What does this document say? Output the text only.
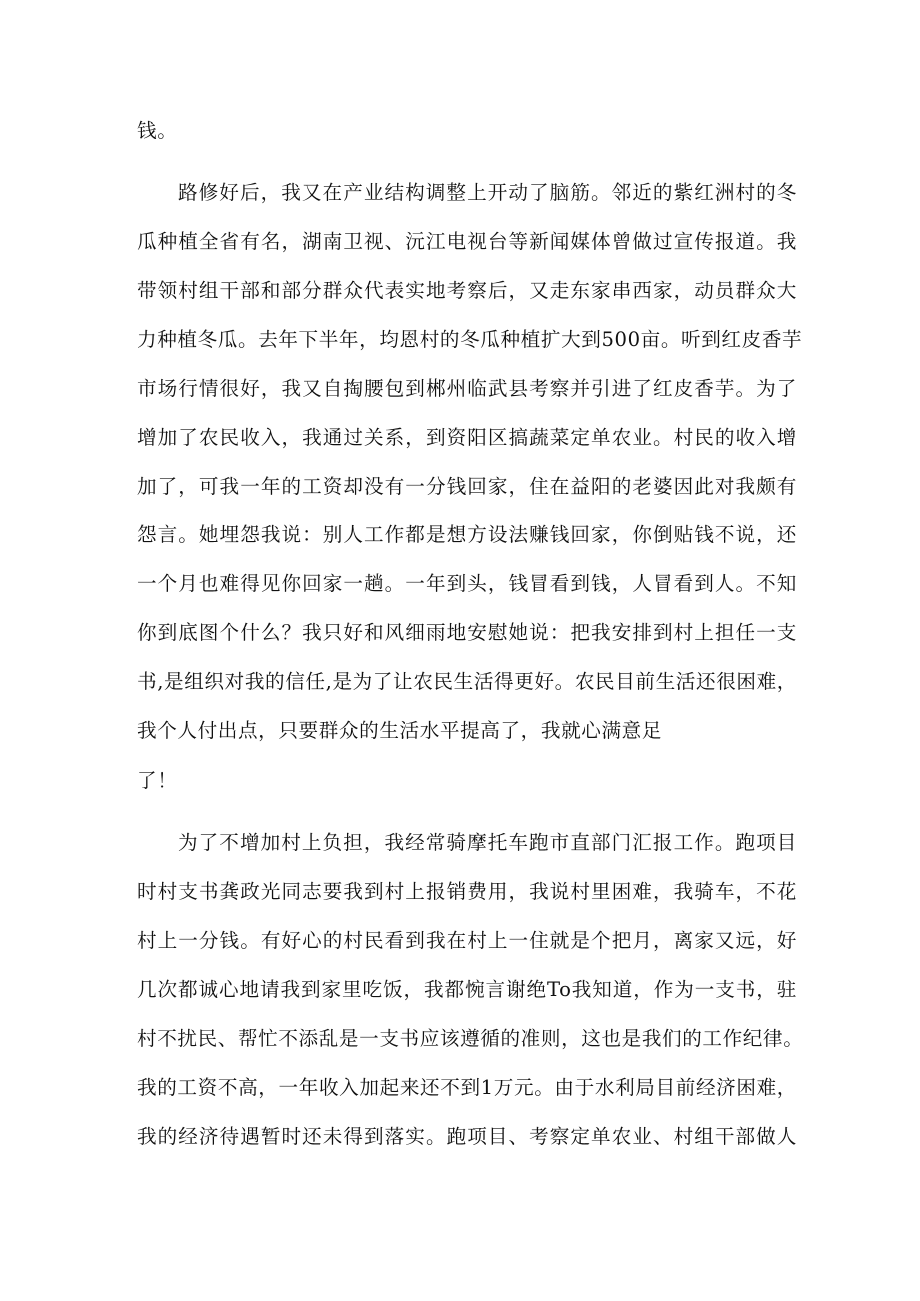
钱。
路修好后，我又在产业结构调整上开动了脑筋。邻近的紫红洲村的冬
瓜种植全省有名，湖南卫视、沅江电视台等新闻媒体曾做过宣传报道。我
带领村组干部和部分群众代表实地考察后，又走东家串西家，动员群众大
力种植冬瓜。去年下半年，均恩村的冬瓜种植扩大到500亩。听到红皮香芋
市场行情很好，我又自掏腰包到郴州临武县考察并引进了红皮香芋。为了
增加了农民收入，我通过关系，到资阳区搞蔬菜定单农业。村民的收入增
加了，可我一年的工资却没有一分钱回家，住在益阳的老婆因此对我颇有
怨言。她埋怨我说：别人工作都是想方设法赚钱回家，你倒贴钱不说，还
一个月也难得见你回家一趟。一年到头，钱冒看到钱，人冒看到人。不知
你到底图个什么？我只好和风细雨地安慰她说：把我安排到村上担任一支
书,是组织对我的信任,是为了让农民生活得更好。农民目前生活还很困难，
我个人付出点，只要群众的生活水平提高了，我就心满意足
了！
为了不增加村上负担，我经常骑摩托车跑市直部门汇报工作。跑项目
时村支书龚政光同志要我到村上报销费用，我说村里困难，我骑车，不花
村上一分钱。有好心的村民看到我在村上一住就是个把月，离家又远，好
几次都诚心地请我到家里吃饭，我都惋言谢绝To我知道，作为一支书，驻
村不扰民、帮忙不添乱是一支书应该遵循的准则，这也是我们的工作纪律。
我的工资不高，一年收入加起来还不到1万元。由于水利局目前经济困难，
我的经济待遇暂时还未得到落实。跑项目、考察定单农业、村组干部做人
